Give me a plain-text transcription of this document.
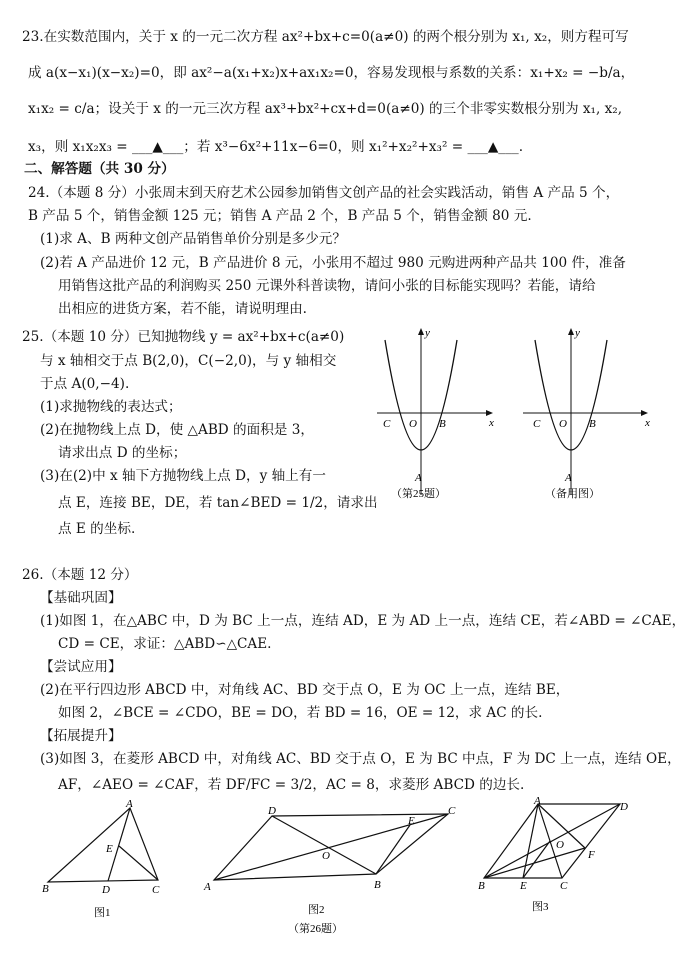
23.在实数范围内，关于 x 的一元二次方程 ax²+bx+c=0(a≠0) 的两个根分别为 x₁, x₂，则方程可写
成 a(x−x₁)(x−x₂)=0，即 ax²−a(x₁+x₂)x+ax₁x₂=0，容易发现根与系数的关系：x₁+x₂ = −b/a，
x₁x₂ = c/a；设关于 x 的一元三次方程 ax³+bx²+cx+d=0(a≠0) 的三个非零实数根分别为 x₁, x₂,
x₃，则 x₁x₂x₃ = ___▲___；若 x³−6x²+11x−6=0，则 x₁²+x₂²+x₃² = ___▲___.
二、解答题（共 30 分）
24.（本题 8 分）小张周末到天府艺术公园参加销售文创产品的社会实践活动，销售 A 产品 5 个，
B 产品 5 个，销售金额 125 元；销售 A 产品 2 个，B 产品 5 个，销售金额 80 元.
(1)求 A、B 两种文创产品销售单价分别是多少元？
(2)若 A 产品进价 12 元，B 产品进价 8 元，小张用不超过 980 元购进两种产品共 100 件，准备
用销售这批产品的利润购买 250 元课外科普读物，请问小张的目标能实现吗？若能，请给
出相应的进货方案，若不能，请说明理由.
25.（本题 10 分）已知抛物线 y = ax²+bx+c(a≠0)
与 x 轴相交于点 B(2,0)，C(−2,0)，与 y 轴相交
于点 A(0,−4).
(1)求抛物线的表达式；
(2)在抛物线上点 D，使 △ABD 的面积是 3，
请求出点 D 的坐标；
(3)在(2)中 x 轴下方抛物线上点 D，y 轴上有一
点 E，连接 BE，DE，若 tan∠BED = 1/2，请求出
点 E 的坐标.
y
x
O B
C
A
（第25题）
y
x
O B
C
A
（备用图）
26.（本题 12 分）
【基础巩固】
(1)如图 1，在△ABC 中，D 为 BC 上一点，连结 AD，E 为 AD 上一点，连结 CE，若∠ABD = ∠CAE，
CD = CE，求证：△ABD∽△CAE.
【尝试应用】
(2)在平行四边形 ABCD 中，对角线 AC、BD 交于点 O，E 为 OC 上一点，连结 BE，
如图 2，∠BCE = ∠CDO，BE = DO，若 BD = 16，OE = 12，求 AC 的长.
【拓展提升】
(3)如图 3，在菱形 ABCD 中，对角线 AC、BD 交于点 O，E 为 BC 中点，F 为 DC 上一点，连结 OE，
AF，∠AEO = ∠CAF，若 DF/FC = 3/2，AC = 8，求菱形 ABCD 的边长.
A
B	C
D
E
图1
A	B
C
D
E
O
图2
（第26题）
A
B	C
D
E
F
O
图3
